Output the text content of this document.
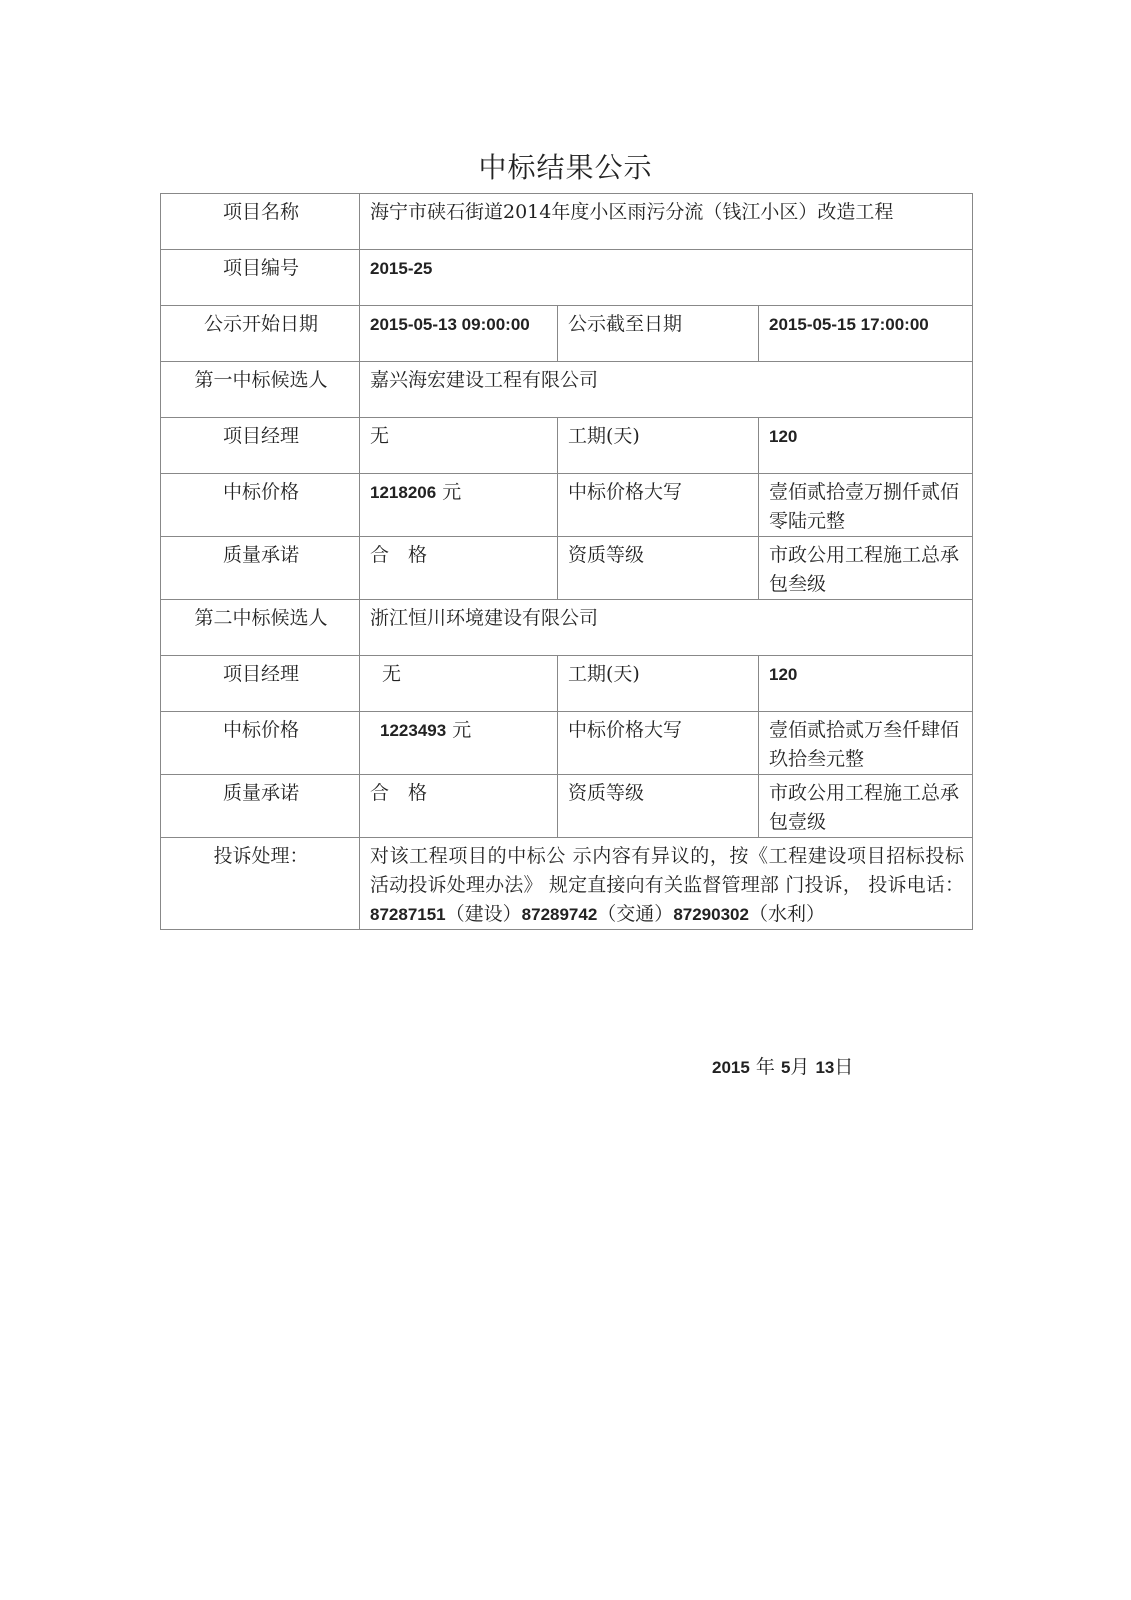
中标结果公示
项目名称	海宁市硖石街道2014年度小区雨污分流（钱江小区）改造工程		
项目编号	2015-25		
公示开始日期	2015-05-13 09:00:00	公示截至日期	2015-05-15 17:00:00
第一中标候选人	嘉兴海宏建设工程有限公司		
项目经理	无	工期(天)	120
中标价格	1218206 元	中标价格大写	壹佰贰拾壹万捌仟贰佰零陆元整
质量承诺	合　格	资质等级	市政公用工程施工总承包叁级
第二中标候选人	浙江恒川环境建设有限公司		
项目经理	无	工期(天)	120
中标价格	1223493 元	中标价格大写	壹佰贰拾贰万叁仟肆佰玖拾叁元整
质量承诺	合　格	资质等级	市政公用工程施工总承包壹级
投诉处理：	对该工程项目的中标公 示内容有异议的，按《工程建设项目招标投标活动投诉处理办法》 规定直接向有关监督管理部 门投诉， 投诉电话：87287151（建设）87289742（交通）87290302（水利）		
2015 年 5月 13日
